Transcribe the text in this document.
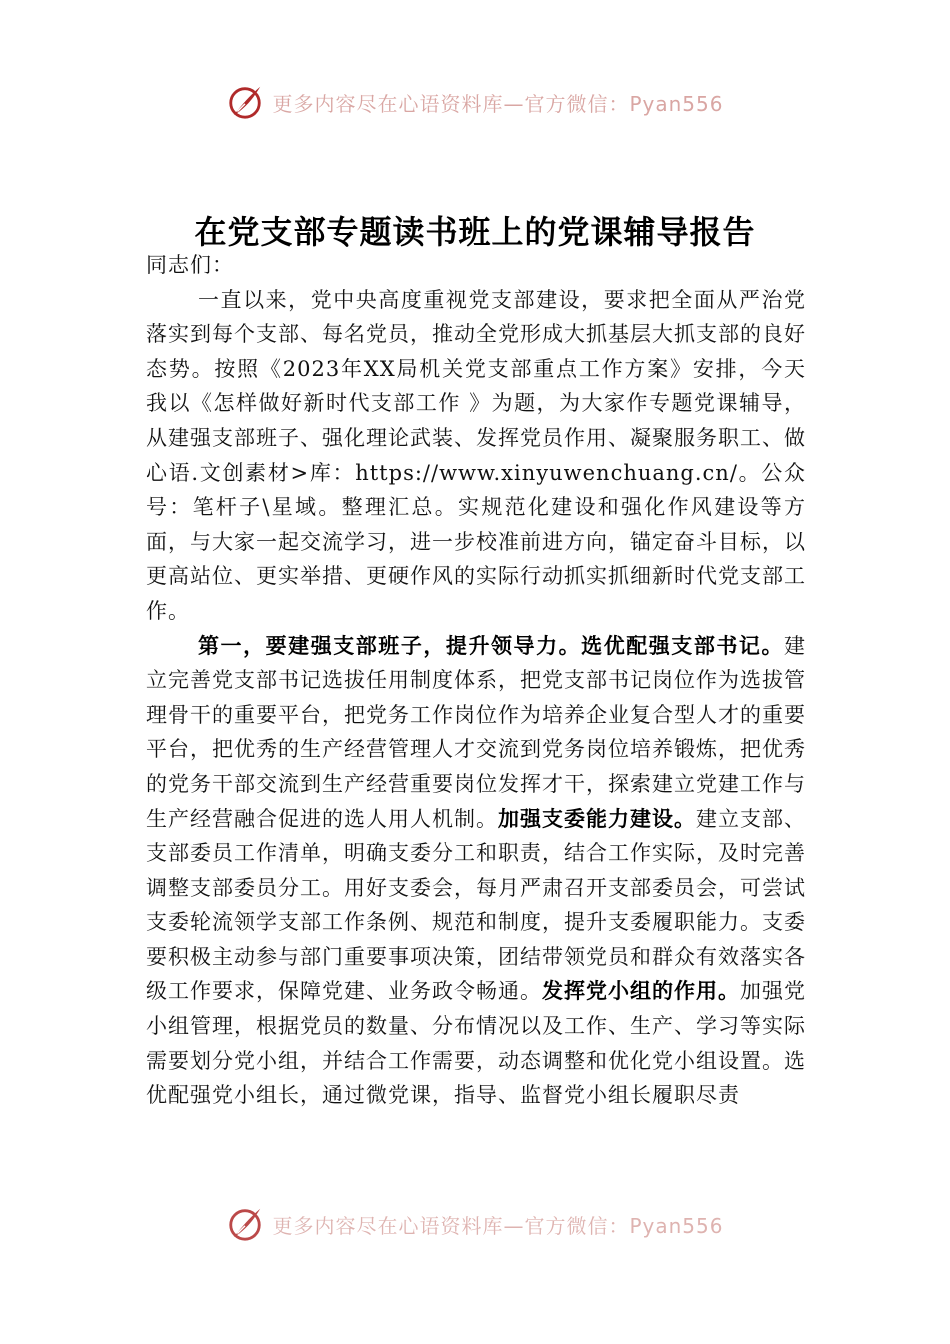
更多内容尽在心语资料库—官方微信：Pyan556
在党支部专题读书班上的党课辅导报告

同志们：

一直以来，党中央高度重视党支部建设，要求把全面从严治党落实到每个支部、每名党员，推动全党形成大抓基层大抓支部的良好态势。按照《2023年XX局机关党支部重点工作方案》安排，今天我以《怎样做好新时代支部工作 》为题，为大家作专题党课辅导，从建强支部班子、强化理论武装、发挥党员作用、凝聚服务职工、做心语.文创素材>库：https://www.xinyuwenchuang.cn/。公众号：笔杆子\星域。整理汇总。实规范化建设和强化作风建设等方面，与大家一起交流学习，进一步校准前进方向，锚定奋斗目标，以更高站位、更实举措、更硬作风的实际行动抓实抓细新时代党支部工作。

第一，要建强支部班子，提升领导力。选优配强支部书记。建立完善党支部书记选拔任用制度体系，把党支部书记岗位作为选拔管理骨干的重要平台，把党务工作岗位作为培养企业复合型人才的重要平台，把优秀的生产经营管理人才交流到党务岗位培养锻炼，把优秀的党务干部交流到生产经营重要岗位发挥才干，探索建立党建工作与生产经营融合促进的选人用人机制。加强支委能力建设。建立支部、支部委员工作清单，明确支委分工和职责，结合工作实际，及时完善调整支部委员分工。用好支委会，每月严肃召开支部委员会，可尝试支委轮流领学支部工作条例、规范和制度，提升支委履职能力。支委要积极主动参与部门重要事项决策，团结带领党员和群众有效落实各级工作要求，保障党建、业务政令畅通。发挥党小组的作用。加强党小组管理，根据党员的数量、分布情况以及工作、生产、学习等实际需要划分党小组，并结合工作需要，动态调整和优化党小组设置。选优配强党小组长，通过微党课，指导、监督党小组长履职尽责

更多内容尽在心语资料库—官方微信：Pyan556
